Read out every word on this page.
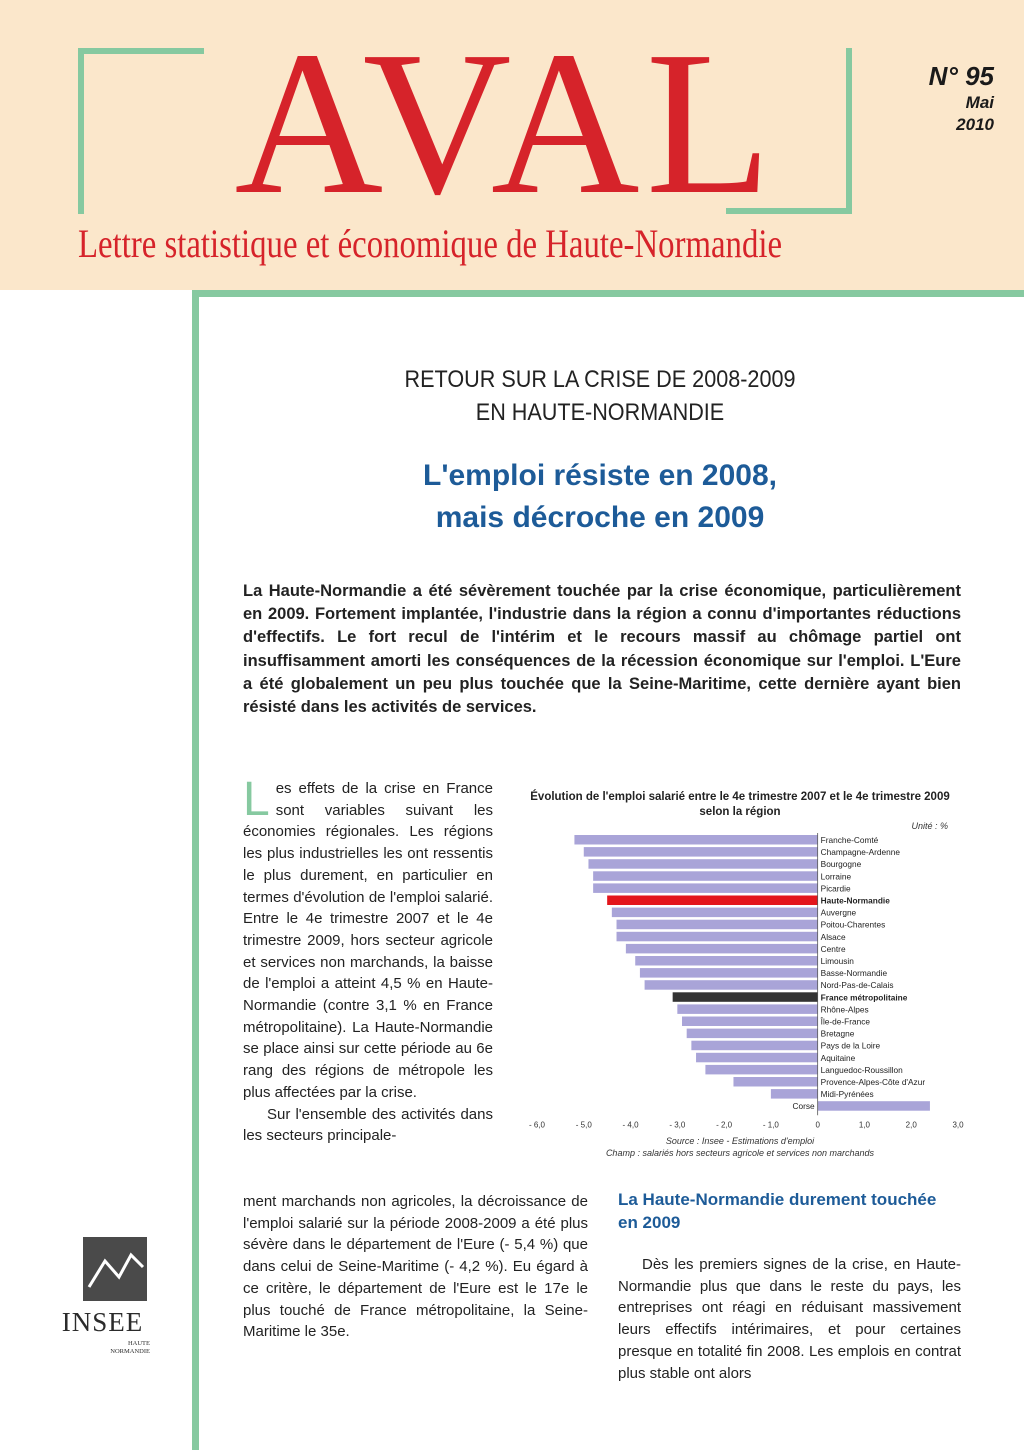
AVAL
Lettre statistique et économique de Haute-Normandie
N° 95
Mai
2010
RETOUR SUR LA CRISE DE 2008-2009
EN HAUTE-NORMANDIE
L'emploi résiste en 2008,
mais décroche en 2009
La Haute-Normandie a été sévèrement touchée par la crise économique, particulièrement en 2009. Fortement implantée, l'industrie dans la région a connu d'importantes réductions d'effectifs. Le fort recul de l'intérim et le recours massif au chômage partiel ont insuffisamment amorti les conséquences de la récession économique sur l'emploi. L'Eure a été globalement un peu plus touchée que la Seine-Maritime, cette dernière ayant bien résisté dans les activités de services.

Les effets de la crise en France sont variables suivant les économies régionales. Les régions les plus industrielles les ont ressentis le plus durement, en particulier en termes d'évolution de l'emploi salarié. Entre le 4e trimestre 2007 et le 4e trimestre 2009, hors secteur agricole et services non marchands, la baisse de l'emploi a atteint 4,5 % en Haute-Normandie (contre 3,1 % en France métropolitaine). La Haute-Normandie se place ainsi sur cette période au 6e rang des régions de métropole les plus affectées par la crise.

Sur l'ensemble des activités dans les secteurs principale-

ment marchands non agricoles, la décroissance de l'emploi salarié sur la période 2008-2009 a été plus sévère dans le département de l'Eure (- 5,4 %) que dans celui de Seine-Maritime (- 4,2 %). Eu égard à ce critère, le département de l'Eure est le 17e le plus touché de France métropolitaine, la Seine-Maritime le 35e.

Évolution de l'emploi salarié entre le 4e trimestre 2007 et le 4e trimestre 2009 selon la région
Unité : %
Franche-Comté
Champagne-Ardenne
Bourgogne
Lorraine
Picardie
Haute-Normandie
Auvergne
Poitou-Charentes
Alsace
Centre
Limousin
Basse-Normandie
Nord-Pas-de-Calais
France métropolitaine
Rhône-Alpes
Île-de-France
Bretagne
Pays de la Loire
Aquitaine
Languedoc-Roussillon
Provence-Alpes-Côte d'Azur
Midi-Pyrénées
Corse
- 6,0	- 5,0	- 4,0	- 3,0	- 2,0	- 1,0	0	1,0	2,0	3,0
Source : Insee - Estimations d'emploi
Champ : salariés hors secteurs agricole et services non marchands
La Haute-Normandie durement touchée en 2009

Dès les premiers signes de la crise, en Haute-Normandie plus que dans le reste du pays, les entreprises ont réagi en réduisant massivement leurs effectifs intérimaires, et pour certaines presque en totalité fin 2008. Les emplois en contrat plus stable ont alors

INSEE
HAUTE
NORMANDIE
